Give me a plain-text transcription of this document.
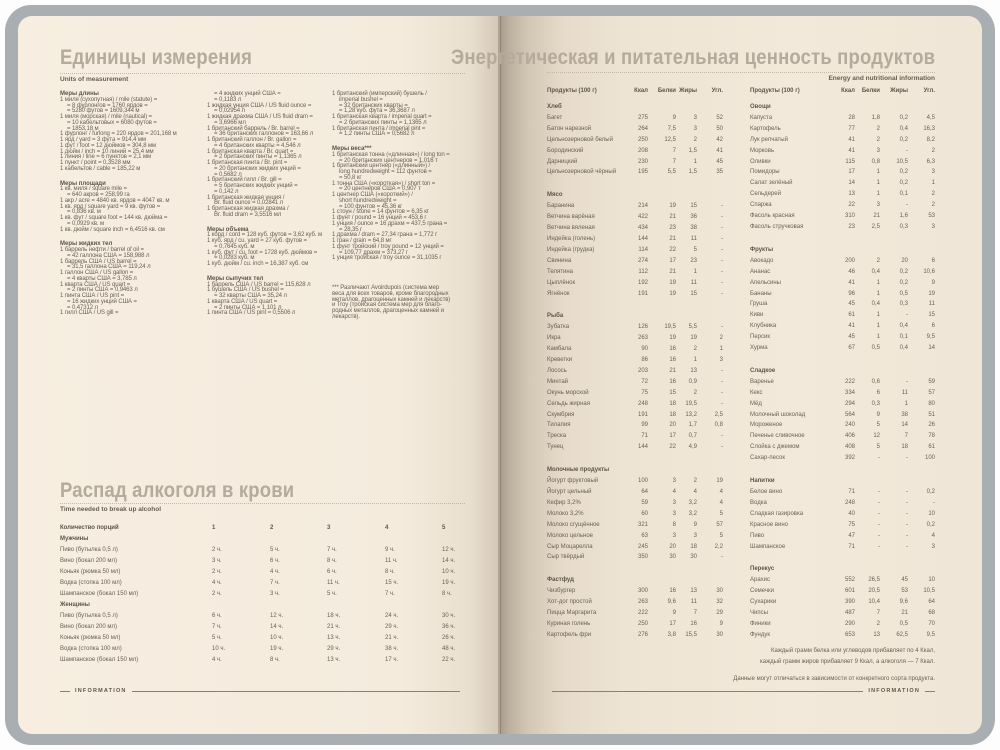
Единицы измерения
Units of measurement
Меры длины
1 миля (сухопутная) / mile (statute) =
= 8 фурлонгов = 1760 ярдов =
= 5280 футов = 1609,344 м
1 миля (морская) / mile (nautical) =
= 10 кабельтовых = 6080 футов =
= 1853,18 м
1 фурлонг / furlong = 220 ярдов = 201,168 м
1 ярд / yard = 3 фута = 914,4 мм
1 фут / foot = 12 дюймов = 304,8 мм
1 дюйм / inch = 10 линий = 25,4 мм
1 линия / line = 6 пунктов = 2,1 мм
1 пункт / point = 0,3528 мм
1 кабельтов / cable = 185,22 м
Меры площади
1 кв. миля / square mile =
= 640 акров = 258,99 га
1 акр / acre = 4840 кв. ярдов = 4047 кв. м
1 кв. ярд / square yard = 9 кв. футов =
= 0,836 кв. м
1 кв. фут / square foot = 144 кв. дюйма =
= 0,0929 кв. м
1 кв. дюйм / square inch = 6,4516 кв. см
Меры жидких тел
1 баррель нефти / barrel of oil =
= 42 галлона США = 158,988 л
1 баррель США / US barrel =
= 31,5 галлона США = 119,24 л
1 галлон США / US gallon =
= 4 кварты США = 3,785 л
1 кварта США / US quart =
= 2 пинты США = 0,9463 л
1 пинта США / US pint =
= 16 жидких унций США =
= 0,47312 л
1 гилл США / US gill =
= 4 жидких унций США =
= 0,1183 л
1 жидкая унция США / US fluid ounce =
= 0,02954 л
1 жидкая драхма США / US fluid dram =
= 3,6966 мл
1 британский баррель / Br. barrel =
= 36 британских галлонов = 163,66 л
1 британский галлон / Br. gallon =
= 4 британских кварты = 4,546 л
1 британская кварта / Br. quart =
= 2 британских пинты = 1,1365 л
1 британская пинта / Br. pint =
= 20 британских жидких унций =
= 0,5682 л
1 британский гилл / Br. gill =
= 5 британских жидких унций =
= 0,142 л
1 британская жидкая унция /
Br. fluid ounce = 0,02841 л
1 британская жидкая драхма /
Br. fluid dram = 3,5516 мл
Меры объема
1 корд / cord = 128 куб. футов = 3,62 куб. м
1 куб. ярд / cu. yard = 27 куб. футов =
= 0,7645 куб. м
1 куб. фут / cu. foot = 1728 куб. дюймов =
= 0,0283 куб. м
1 куб. дюйм / cu. inch = 16,387 куб. см
Меры сыпучих тел
1 баррель США / US barrel = 115,628 л
1 бушель США / US bushel =
= 32 кварты США = 35,24 л
1 кварта США / US quart =
= 2 пинты США = 1,101 л
1 пинта США / US pint = 0,5506 л
1 британский (имперский) бушель /
imperial bushel =
= 32 британских кварты =
= 1,28 куб. фута = 36,3687 л
1 британская кварта / imperial quart =
= 2 британских пинты = 1,1365 л
1 британская пинта / imperial pint =
= 1,2 пинты США = 0,5682 л
Меры веса***
1 британская тонна («длинная») / long ton =
= 20 британских центнеров = 1,016 т
1 британский центнер («длинный») /
long hundredweight = 112 фунтов =
= 50,8 кг
1 тонна США («короткая») / short ton =
= 20 центнеров США = 0,907 т
1 центнер США («короткий») /
short hundredweight =
= 100 фунтов = 45,36 кг
1 стоун / stone = 14 фунтов = 6,35 кг
1 фунт / pound = 16 унций = 453,6 г
1 унция / ounce = 16 драхм = 437,5 грана =
= 28,35 г
1 драхма / dram = 27,34 грана = 1,772 г
1 гран / grain = 64,8 мг
1 фунт тройский / troy pound = 12 унций =
= 109,77 драхм = 373,27 г
1 унция тройская / troy ounce = 31,1035 г
*** Различают Avoirdupois (система мер
веса для всех товаров, кроме благородных
металлов, драгоценных камней и лекарств)
и Troy (тройская система мер для благо-
родных металлов, драгоценных камней и
лекарств).
Распад алкоголя в крови
Time needed to break up alcohol
Количество порций	1	2	3	4	5
Мужчины
Пиво (бутылка 0,5 л)	2 ч.	5 ч.	7 ч.	9 ч.	12 ч.
Вино (бокал 200 мл)	3 ч.	6 ч.	8 ч.	11 ч.	14 ч.
Коньяк (рюмка 50 мл)	2 ч.	4 ч.	6 ч.	8 ч.	10 ч.
Водка (стопка 100 мл)	4 ч.	7 ч.	11 ч.	15 ч.	19 ч.
Шампанское (бокал 150 мл)	2 ч.	3 ч.	5 ч.	7 ч.	8 ч.
Женщины
Пиво (бутылка 0,5 л)	6 ч.	12 ч.	18 ч.	24 ч.	30 ч.
Вино (бокал 200 мл)	7 ч.	14 ч.	21 ч.	29 ч.	36 ч.
Коньяк (рюмка 50 мл)	5 ч.	10 ч.	13 ч.	21 ч.	26 ч.
Водка (стопка 100 мл)	10 ч.	19 ч.	29 ч.	38 ч.	48 ч.
Шампанское (бокал 150 мл)	4 ч.	8 ч.	13 ч.	17 ч.	22 ч.
INFORMATION
Энергетическая и питательная ценность продуктов
Energy and nutritional information
Продукты (100 г)	Ккал	Белки Жиры	Угл.	Продукты (100 г)	Ккал	Белки	Жиры	Угл.
Хлеб
Багет	275	9	3	52
Батон нарезной	264	7,5	3	50
Цельнозерновой белый	250	12,5	2	42
Бородинский	208	7	1,5	41
Дарницкий	230	7	1	45
Цельнозерновой чёрный	195	5,5	1,5	35
Мясо
Баранина	214	19	15	-
Ветчина варёная	422	21	36	-
Ветчина вяленая	434	23	38	-
Индейка (голень)	144	21	11	-
Индейка (грудка)	114	22	5	-
Свинина	274	17	23	-
Телятина	112	21	1	-
Цыплёнок	192	19	11	-
Ягнёнок	191	19	15	-
Рыба
Зубатка	126	19,5	5,5	-
Икра	263	19	19	2
Камбала	90	16	2	1
Креветки	86	16	1	3
Лосось	203	21	13	-
Минтай	72	16	0,9	-
Окунь морской	75	15	2	-
Сельдь жирная	248	18	19,5	-
Скумбрия	191	18	13,2	2,5
Тилапия	99	20	1,7	0,8
Треска	71	17	0,7	-
Тунец	144	22	4,9	-
Молочные продукты
Йогурт фруктовый	100	3	2	19
Йогурт цельный	64	4	4	4
Кефир 3,2%	59	3	3,2	4
Молоко 3,2%	60	3	3,2	5
Молоко сгущённое	321	8	9	57
Молоко цельное	63	3	3	5
Сыр Моцарелла	245	20	18	2,2
Сыр твёрдый	350	30	30	-
Фастфуд
Чизбургер	300	16	13	30
Хот-дог простой	263	9,6	11	32
Пицца Маргарита	222	9	7	29
Куриная голень	250	17	16	9
Картофель фри	276	3,8	15,5	30
Овощи
Капуста	28	1,8	0,2	4,5
Картофель	77	2	0,4	16,3
Лук репчатый	41	2	0,2	8,2
Морковь	41	3	-	2
Оливки	115	0,8	10,5	6,3
Помидоры	17	1	0,2	3
Салат зелёный	14	1	0,2	1
Сельдерей	13	1	0,1	2
Спаржа	22	3	-	2
Фасоль красная	310	21	1,6	53
Фасоль стручковая	23	2,5	0,3	3
Фрукты
Авокадо	200	2	20	6
Ананас	46	0,4	0,2	10,6
Апельсины	41	1	0,2	9
Бананы	96	1	0,5	19
Груша	45	0,4	0,3	11
Киви	61	1	-	15
Клубника	41	1	0,4	6
Персик	45	1	0,1	9,5
Хурма	67	0,5	0,4	14
Сладкое
Варенье	222	0,6	-	59
Кекс	334	6	11	57
Мёд	294	0,3	1	80
Молочный шоколад	564	9	38	51
Мороженое	240	5	14	26
Печенье сливочное	406	12	7	78
Слойка с джемом	408	5	18	61
Сахар-песок	392	-	-	100
Напитки
Белое вино	71	-	-	0,2
Водка	248	-	-	-
Сладкая газировка	40	-	-	10
Красное вино	75	-	-	0,2
Пиво	47	-	-	4
Шампанское	71	-	-	3
Перекус
Арахис	552	26,5	45	10
Семечки	601	20,5	53	10,5
Сухарики	390	10,4	9,6	64
Чипсы	487	7	21	68
Финики	290	2	0,5	70
Фундук	653	13	62,5	9,5
Каждый грамм белка или углеводов прибавляет по 4 Ккал,
каждый грамм жиров прибавляет 9 Ккал, а алкоголя — 7 Ккал.
Данные могут отличаться в зависимости от конкретного сорта продукта.
INFORMATION
